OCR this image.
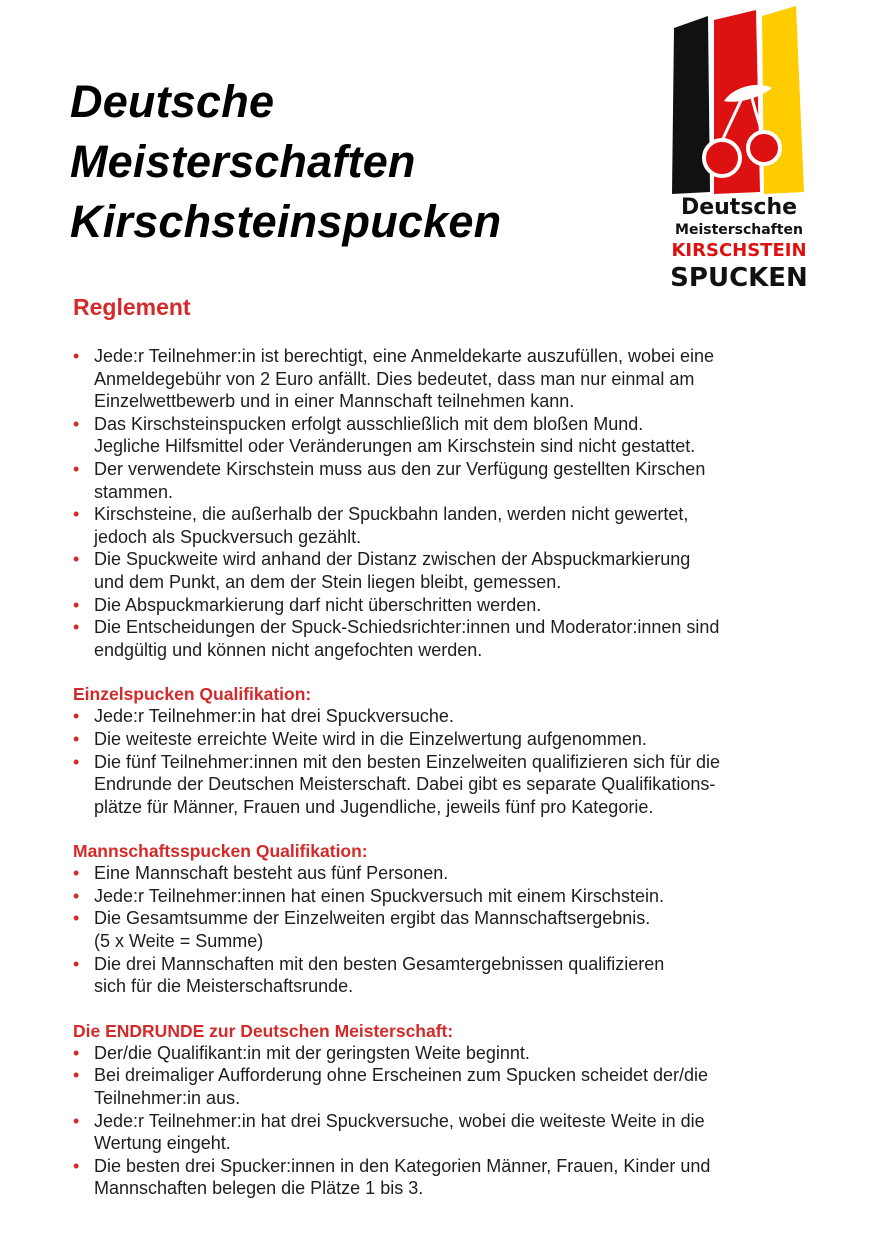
Deutsche
Meisterschaften
Kirschsteinspucken	Deutsche
Meisterschaften
KIRSCHSTEIN
SPUCKEN
Reglement
• Jede:r Teilnehmer:in ist berechtigt, eine Anmeldekarte auszufüllen, wobei eine
Anmeldegebühr von 2 Euro anfällt. Dies bedeutet, dass man nur einmal am
Einzelwettbewerb und in einer Mannschaft teilnehmen kann.
• Das Kirschsteinspucken erfolgt ausschließlich mit dem bloßen Mund.
Jegliche Hilfsmittel oder Veränderungen am Kirschstein sind nicht gestattet.
• Der verwendete Kirschstein muss aus den zur Verfügung gestellten Kirschen
stammen.
• Kirschsteine, die außerhalb der Spuckbahn landen, werden nicht gewertet,
jedoch als Spuckversuch gezählt.
• Die Spuckweite wird anhand der Distanz zwischen der Abspuckmarkierung
und dem Punkt, an dem der Stein liegen bleibt, gemessen.
• Die Abspuckmarkierung darf nicht überschritten werden.
• Die Entscheidungen der Spuck-Schiedsrichter:innen und Moderator:innen sind
endgültig und können nicht angefochten werden.
Einzelspucken Qualifikation:
• Jede:r Teilnehmer:in hat drei Spuckversuche.
• Die weiteste erreichte Weite wird in die Einzelwertung aufgenommen.
• Die fünf Teilnehmer:innen mit den besten Einzelweiten qualifizieren sich für die
Endrunde der Deutschen Meisterschaft. Dabei gibt es separate Qualifikations-
plätze für Männer, Frauen und Jugendliche, jeweils fünf pro Kategorie.
Mannschaftsspucken Qualifikation:
• Eine Mannschaft besteht aus fünf Personen.
• Jede:r Teilnehmer:innen hat einen Spuckversuch mit einem Kirschstein.
• Die Gesamtsumme der Einzelweiten ergibt das Mannschaftsergebnis.
(5 x Weite = Summe)
• Die drei Mannschaften mit den besten Gesamtergebnissen qualifizieren
sich für die Meisterschaftsrunde.
Die ENDRUNDE zur Deutschen Meisterschaft:
• Der/die Qualifikant:in mit der geringsten Weite beginnt.
• Bei dreimaliger Aufforderung ohne Erscheinen zum Spucken scheidet der/die
Teilnehmer:in aus.
• Jede:r Teilnehmer:in hat drei Spuckversuche, wobei die weiteste Weite in die
Wertung eingeht.
• Die besten drei Spucker:innen in den Kategorien Männer, Frauen, Kinder und
Mannschaften belegen die Plätze 1 bis 3.
